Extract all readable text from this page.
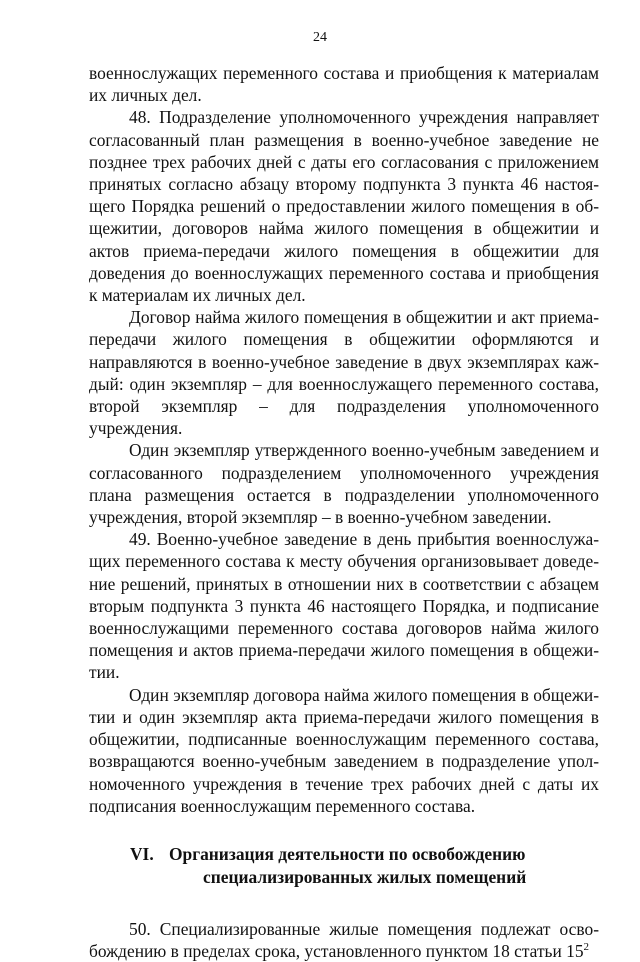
24

военнослужащих переменного состава и приобщения к материалам их личных дел.

48. Подразделение уполномоченного учреждения направляет согласованный план размещения в военно-учебное заведение не позднее трех рабочих дней с даты его согласования с приложением принятых согласно абзацу второму подпункта 3 пункта 46 настоящего Порядка решений о предоставлении жилого помещения в общежитии, договоров найма жилого помещения в общежитии и актов приема-передачи жилого помещения в общежитии для доведения до военнослужащих переменного состава и приобщения к материалам их личных дел.

Договор найма жилого помещения в общежитии и акт приема-передачи жилого помещения в общежитии оформляются и направляются в военно-учебное заведение в двух экземплярах каждый: один экземпляр – для военнослужащего переменного состава, второй экземпляр – для подразделения уполномоченного учреждения.

Один экземпляр утвержденного военно-учебным заведением и согласованного подразделением уполномоченного учреждения плана размещения остается в подразделении уполномоченного учреждения, второй экземпляр – в военно-учебном заведении.

49. Военно-учебное заведение в день прибытия военнослужащих переменного состава к месту обучения организовывает доведение решений, принятых в отношении них в соответствии с абзацем вторым подпункта 3 пункта 46 настоящего Порядка, и подписание военнослужащими переменного состава договоров найма жилого помещения и актов приема-передачи жилого помещения в общежитии.

Один экземпляр договора найма жилого помещения в общежитии и один экземпляр акта приема-передачи жилого помещения в общежитии, подписанные военнослужащим переменного состава, возвращаются военно-учебным заведением в подразделение уполномоченного учреждения в течение трех рабочих дней с даты их подписания военнослужащим переменного состава.

VI. Организация деятельности по освобождению
специализированных жилых помещений

50. Специализированные жилые помещения подлежат освобождению в пределах срока, установленного пунктом 18 статьи $15^2$
